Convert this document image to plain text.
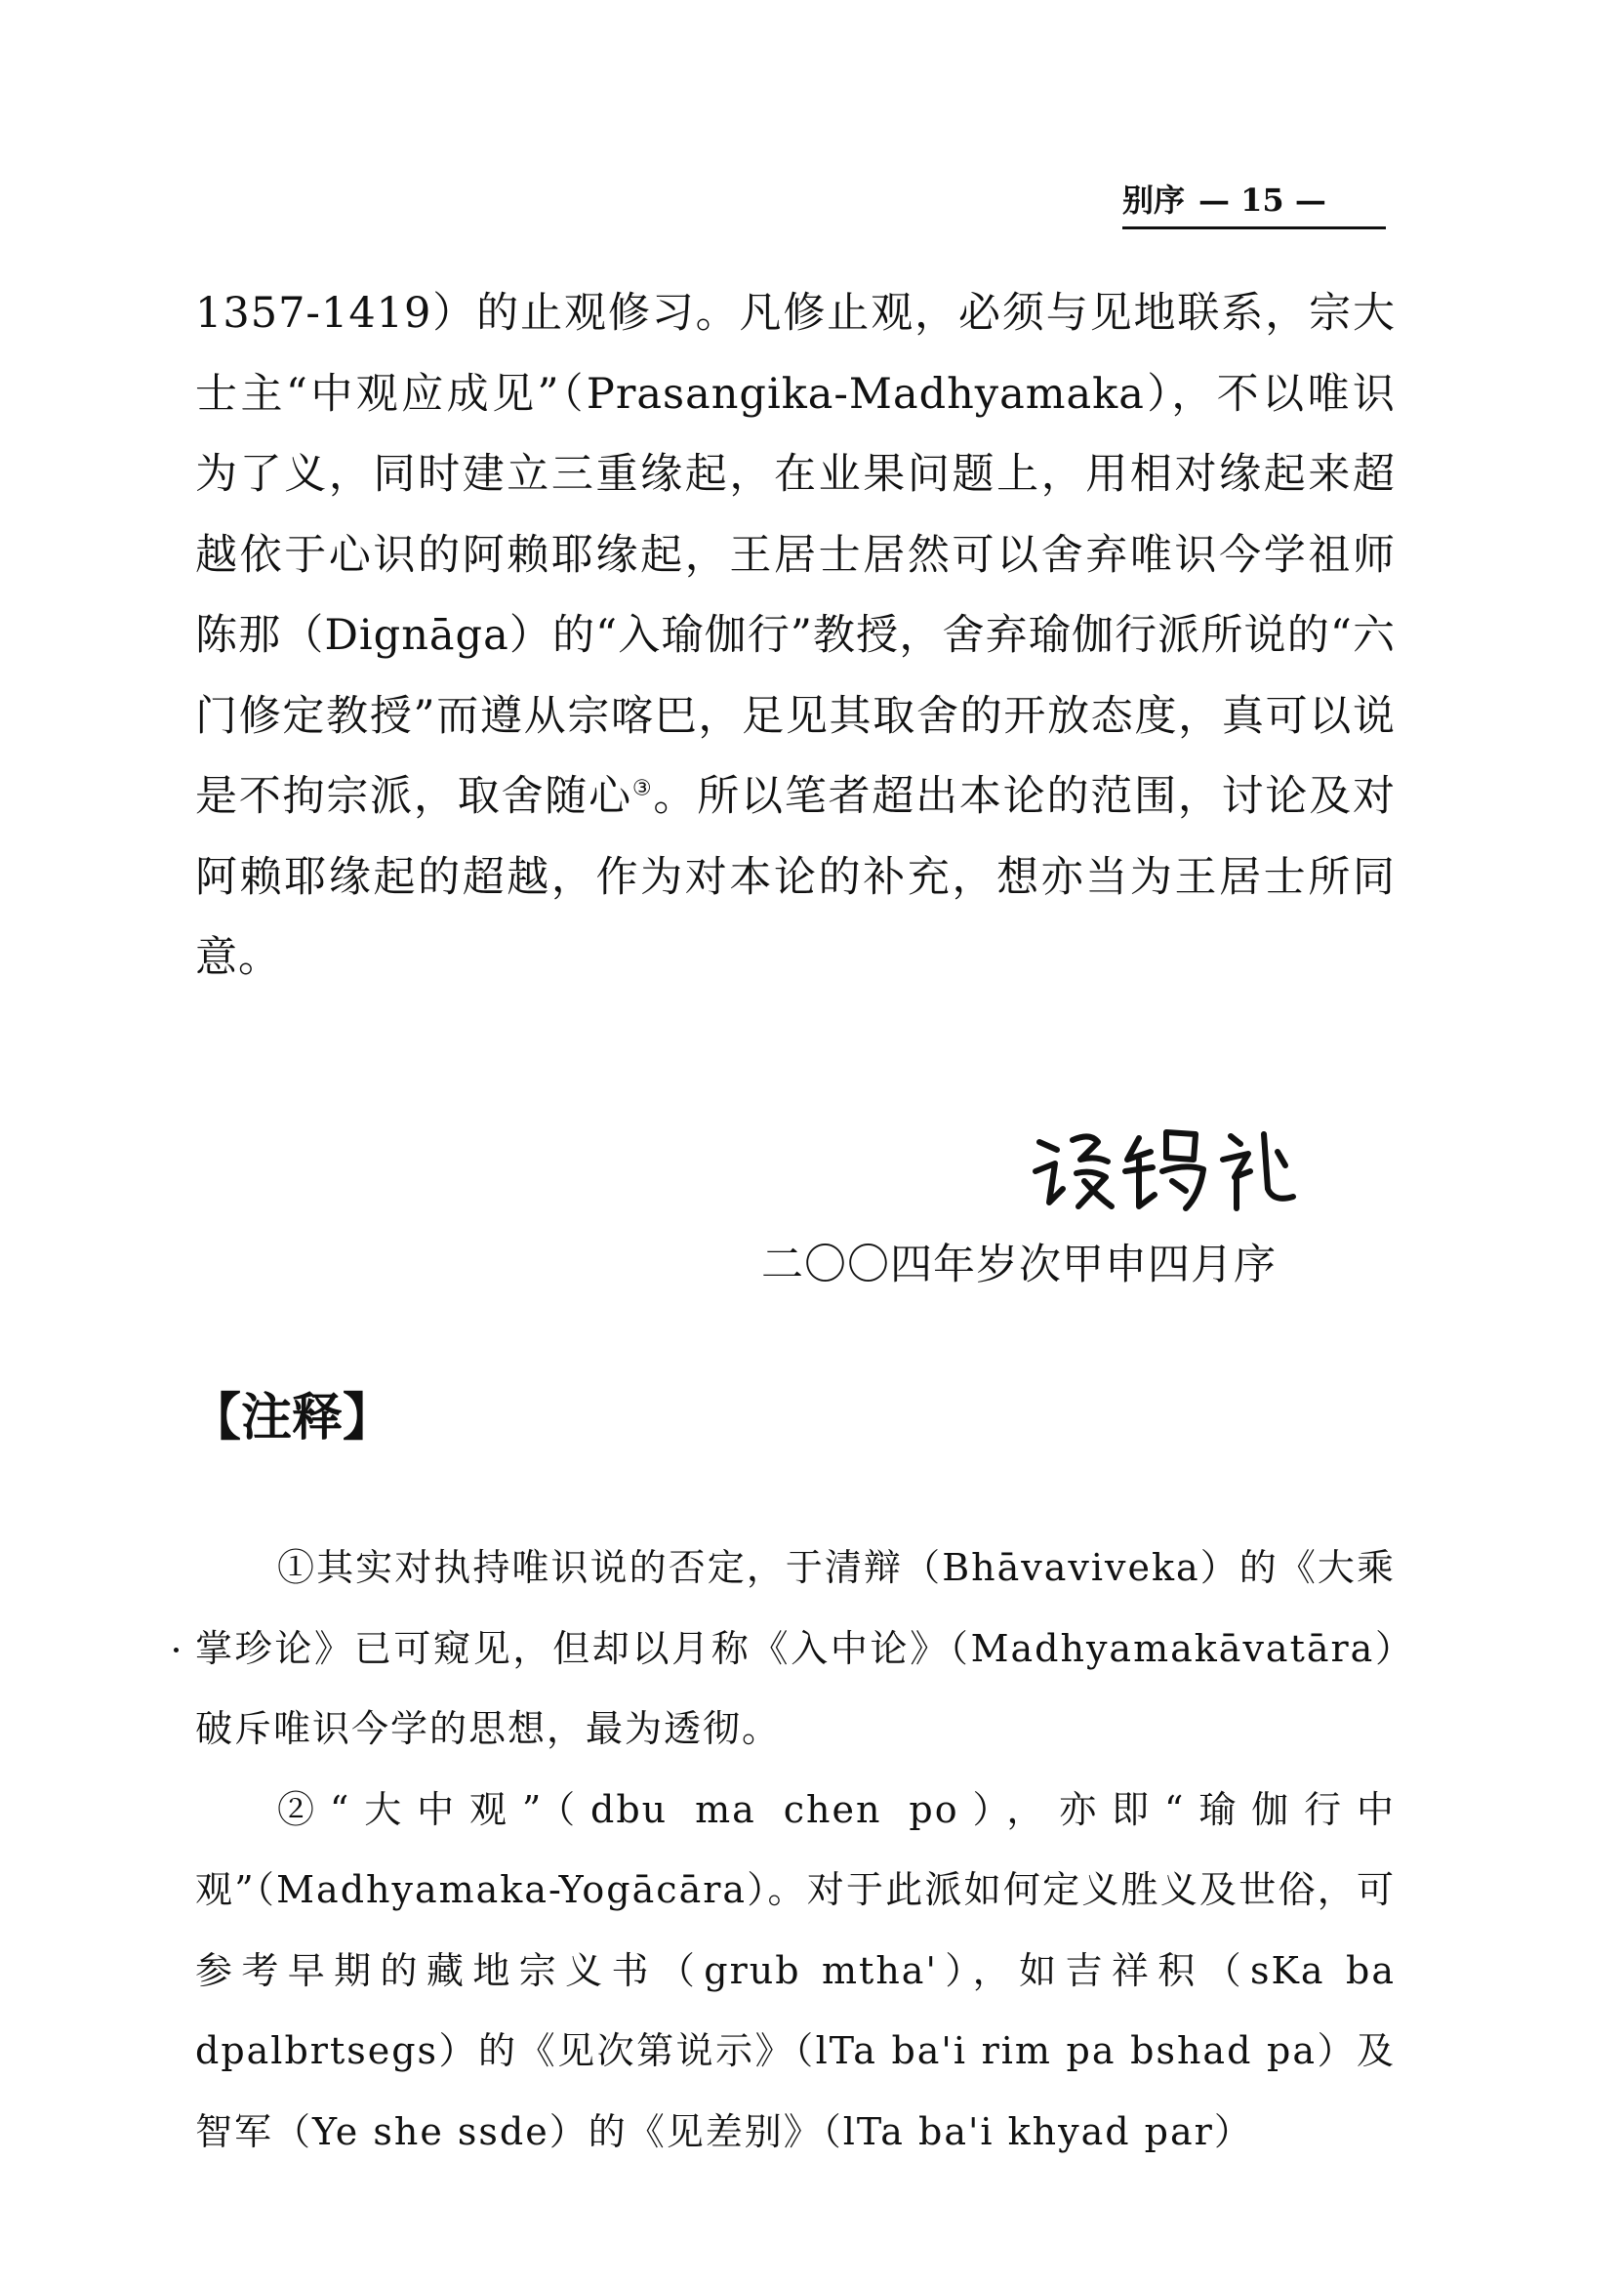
别序 — 15 —

1357-1419）的止观修习。凡修止观，必须与见地联系，宗大士主“中观应成见”（Prasangika-Madhyamaka），不以唯识为了义，同时建立三重缘起，在业果问题上，用相对缘起来超越依于心识的阿赖耶缘起，王居士居然可以舍弃唯识今学祖师陈那（Dignāga）的“入瑜伽行”教授，舍弃瑜伽行派所说的“六门修定教授”而遵从宗喀巴，足见其取舍的开放态度，真可以说是不拘宗派，取舍随心③。所以笔者超出本论的范围，讨论及对阿赖耶缘起的超越，作为对本论的补充，想亦当为王居士所同意。

二〇〇四年岁次甲申四月序
【注释】

①其实对执持唯识说的否定，于清辩（Bhāvaviveka）的《大乘掌珍论》已可窥见，但却以月称《入中论》（Madhyamakāvatāra）破斥唯识今学的思想，最为透彻。

②“大中观”（dbu ma chen po），亦即“瑜伽行中观”（Madhyamaka-Yogācāra）。对于此派如何定义胜义及世俗，可参考早期的藏地宗义书（grub mtha'），如吉祥积（sKa ba dpalbrtsegs）的《见次第说示》（lTa ba'i rim pa bshad pa）及智军（Ye she ssde）的《见差别》（lTa ba'i khyad par）
